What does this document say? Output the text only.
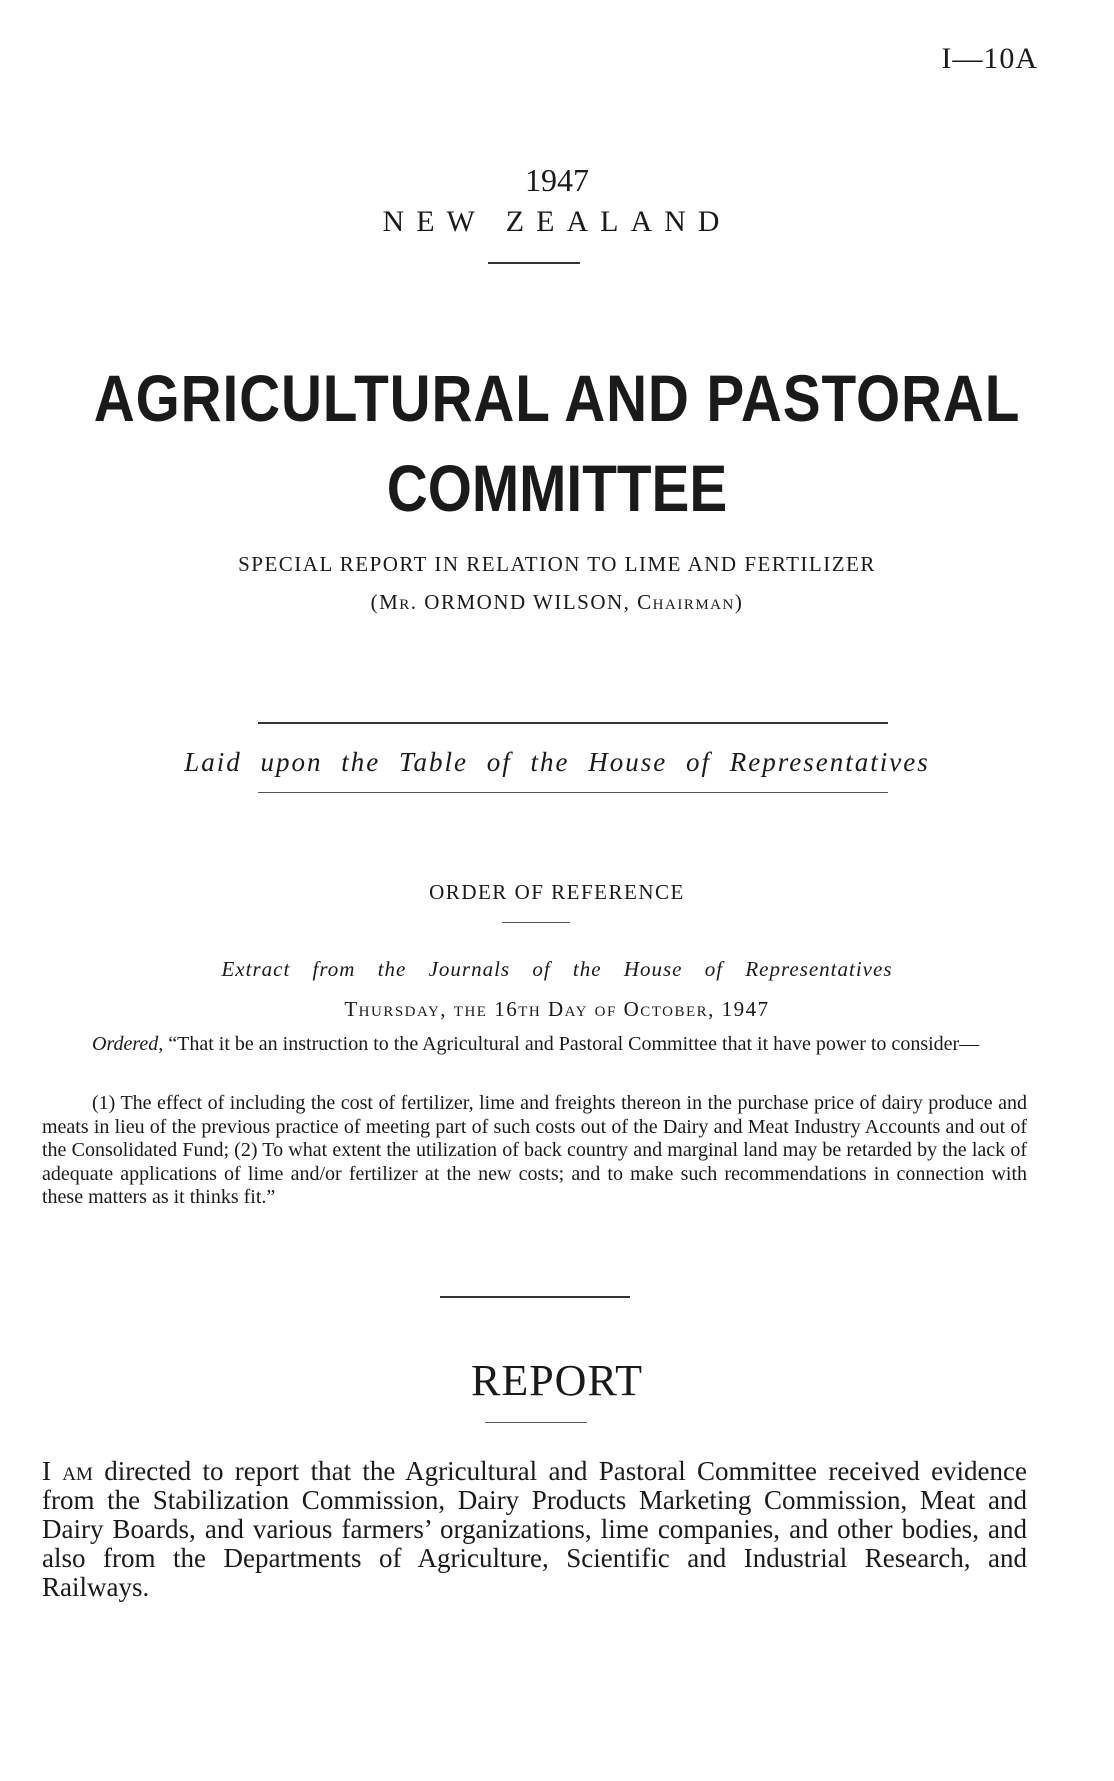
I—10A
1947
NEW ZEALAND
AGRICULTURAL AND PASTORAL
COMMITTEE
SPECIAL REPORT IN RELATION TO LIME AND FERTILIZER
(Mr. ORMOND WILSON, Chairman)
Laid upon the Table of the House of Representatives
ORDER OF REFERENCE
Extract from the Journals of the House of Representatives
Thursday, the 16th Day of October, 1947
Ordered, “That it be an instruction to the Agricultural and Pastoral Committee that it have power to consider—
(1) The effect of including the cost of fertilizer, lime and freights thereon in the purchase price of dairy produce and meats in lieu of the previous practice of meeting part of such costs out of the Dairy and Meat Industry Accounts and out of the Consolidated Fund; (2) To what extent the utilization of back country and marginal land may be retarded by the lack of adequate applications of lime and/or fertilizer at the new costs; and to make such recommendations in connection with these matters as it thinks fit.”
REPORT
I am directed to report that the Agricultural and Pastoral Committee received evidence from the Stabilization Commission, Dairy Products Marketing Commission, Meat and Dairy Boards, and various farmers’ organizations, lime companies, and other bodies, and also from the Departments of Agriculture, Scientific and Industrial Research, and Railways.
